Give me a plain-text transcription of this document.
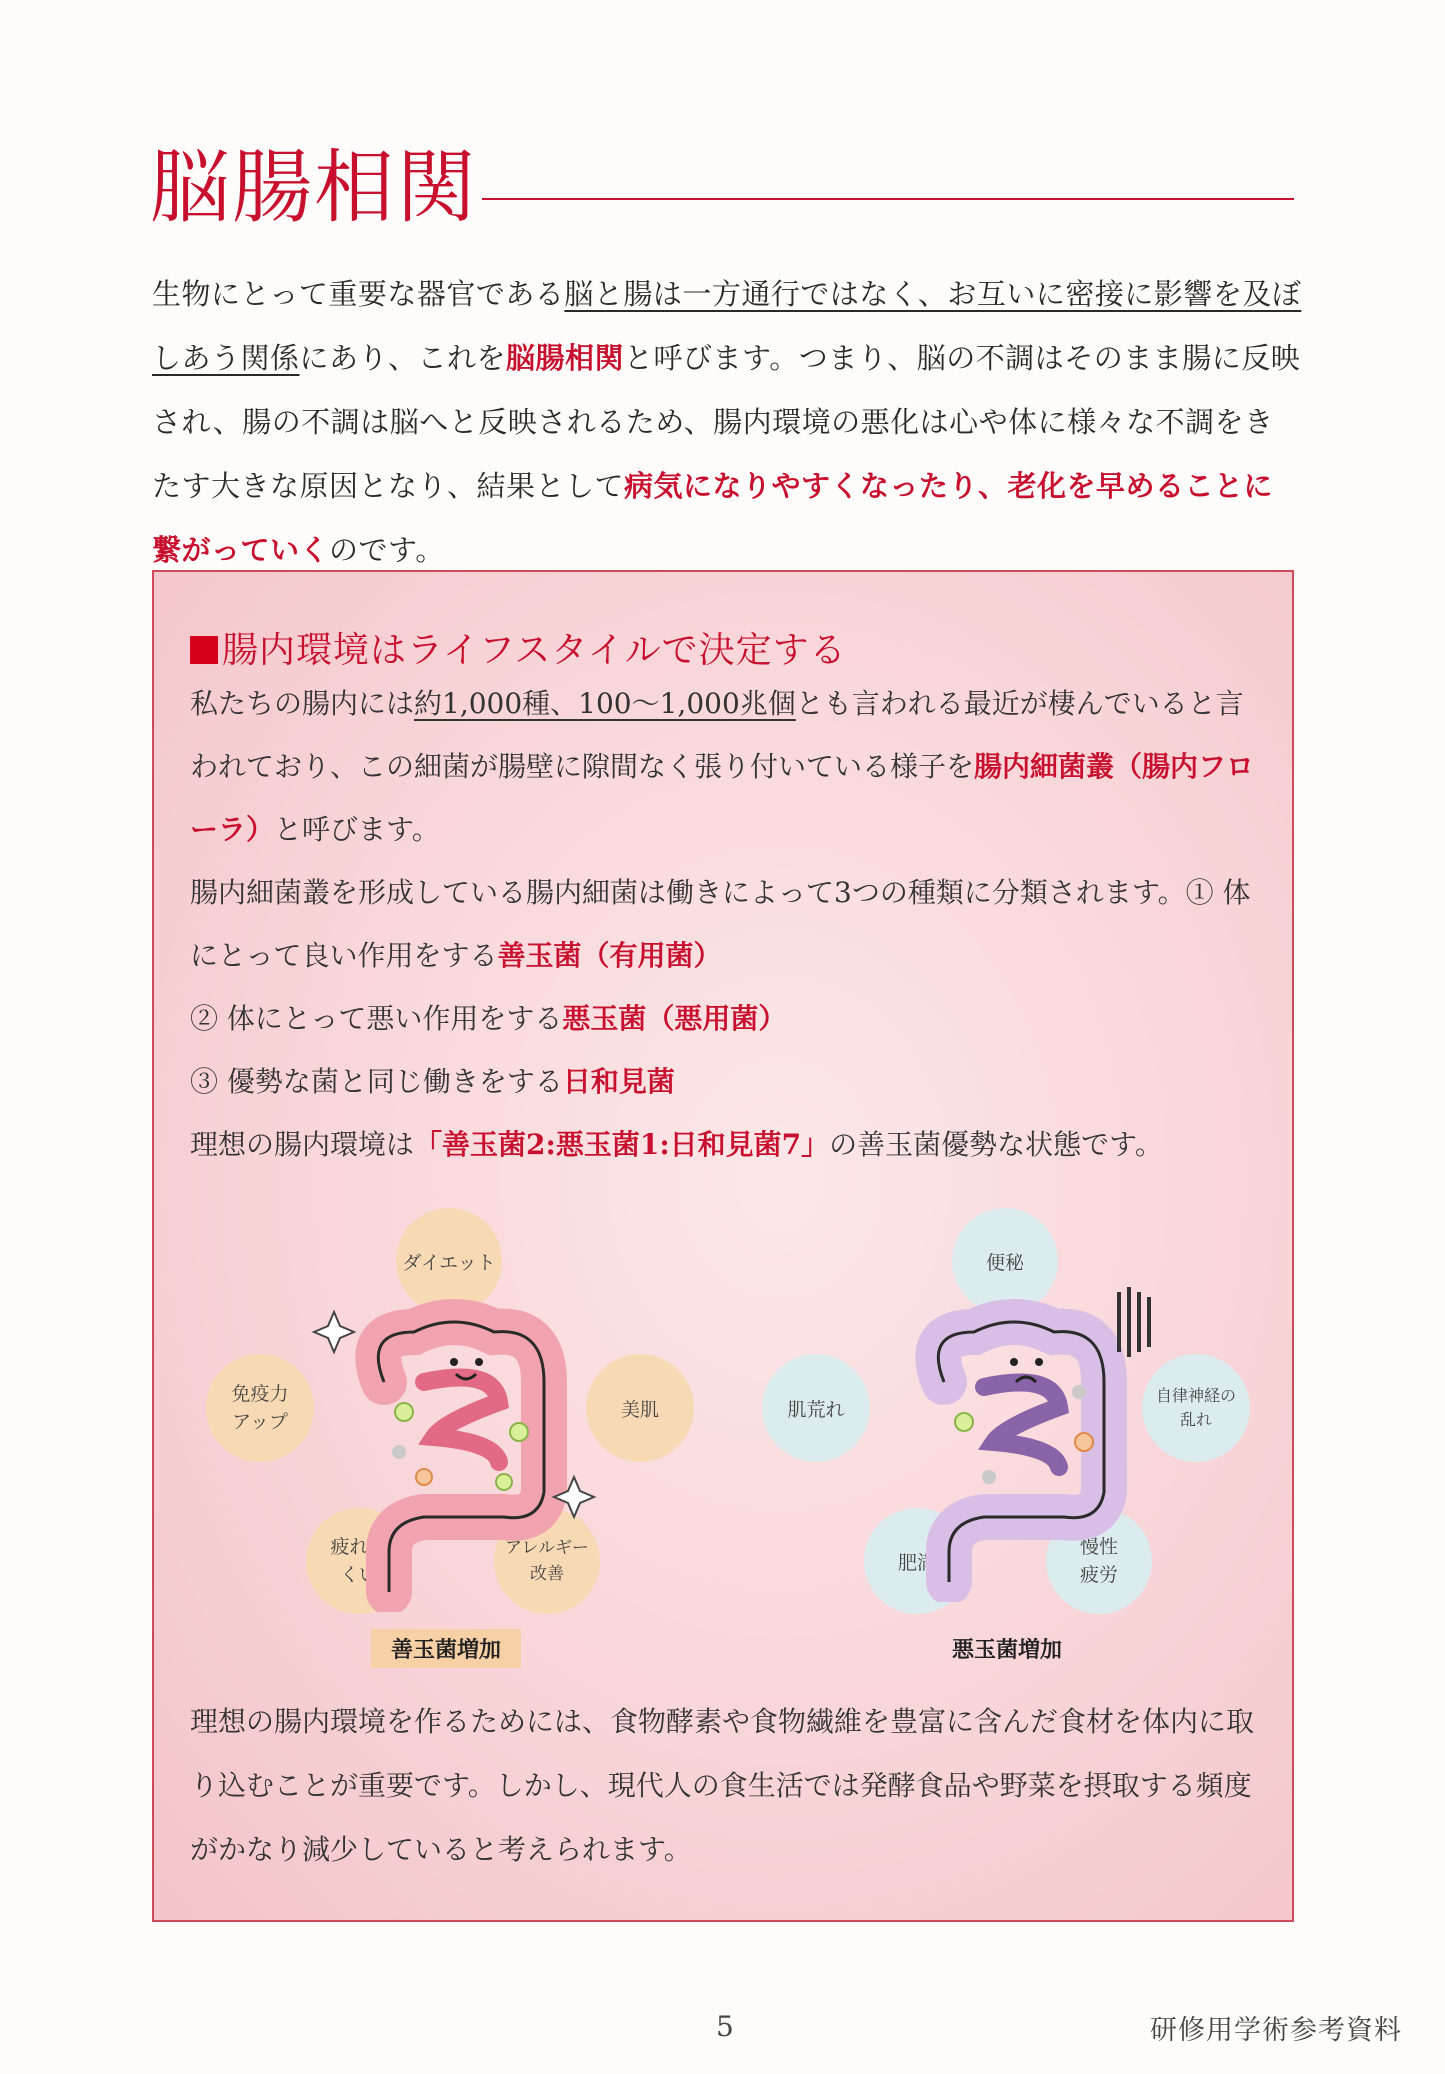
脳腸相関
生物にとって重要な器官である脳と腸は一方通行ではなく、お互いに密接に影響を及ぼしあう関係にあり、これを脳腸相関と呼びます。つまり、脳の不調はそのまま腸に反映され、腸の不調は脳へと反映されるため、腸内環境の悪化は心や体に様々な不調をきたす大きな原因となり、結果として病気になりやすくなったり、老化を早めることに繋がっていくのです。
腸内環境はライフスタイルで決定する

私たちの腸内には約1,000種、100〜1,000兆個とも言われる最近が棲んでいると言われており、この細菌が腸壁に隙間なく張り付いている様子を腸内細菌叢（腸内フローラ）と呼びます。

腸内細菌叢を形成している腸内細菌は働きによって3つの種類に分類されます。① 体にとって良い作用をする善玉菌（有用菌）

② 体にとって悪い作用をする悪玉菌（悪用菌）

③ 優勢な菌と同じ働きをする日和見菌

理想の腸内環境は「善玉菌2:悪玉菌1:日和見菌7」の善玉菌優勢な状態です。

ダイエット
美肌
アレルギー改善
疲れにくい
免疫力アップ
善玉菌増加
便秘
自律神経の乱れ
慢性疲労
肥満
肌荒れ
悪玉菌増加
理想の腸内環境を作るためには、食物酵素や食物繊維を豊富に含んだ食材を体内に取り込むことが重要です。しかし、現代人の食生活では発酵食品や野菜を摂取する頻度がかなり減少していると考えられます。
5	研修用学術参考資料
